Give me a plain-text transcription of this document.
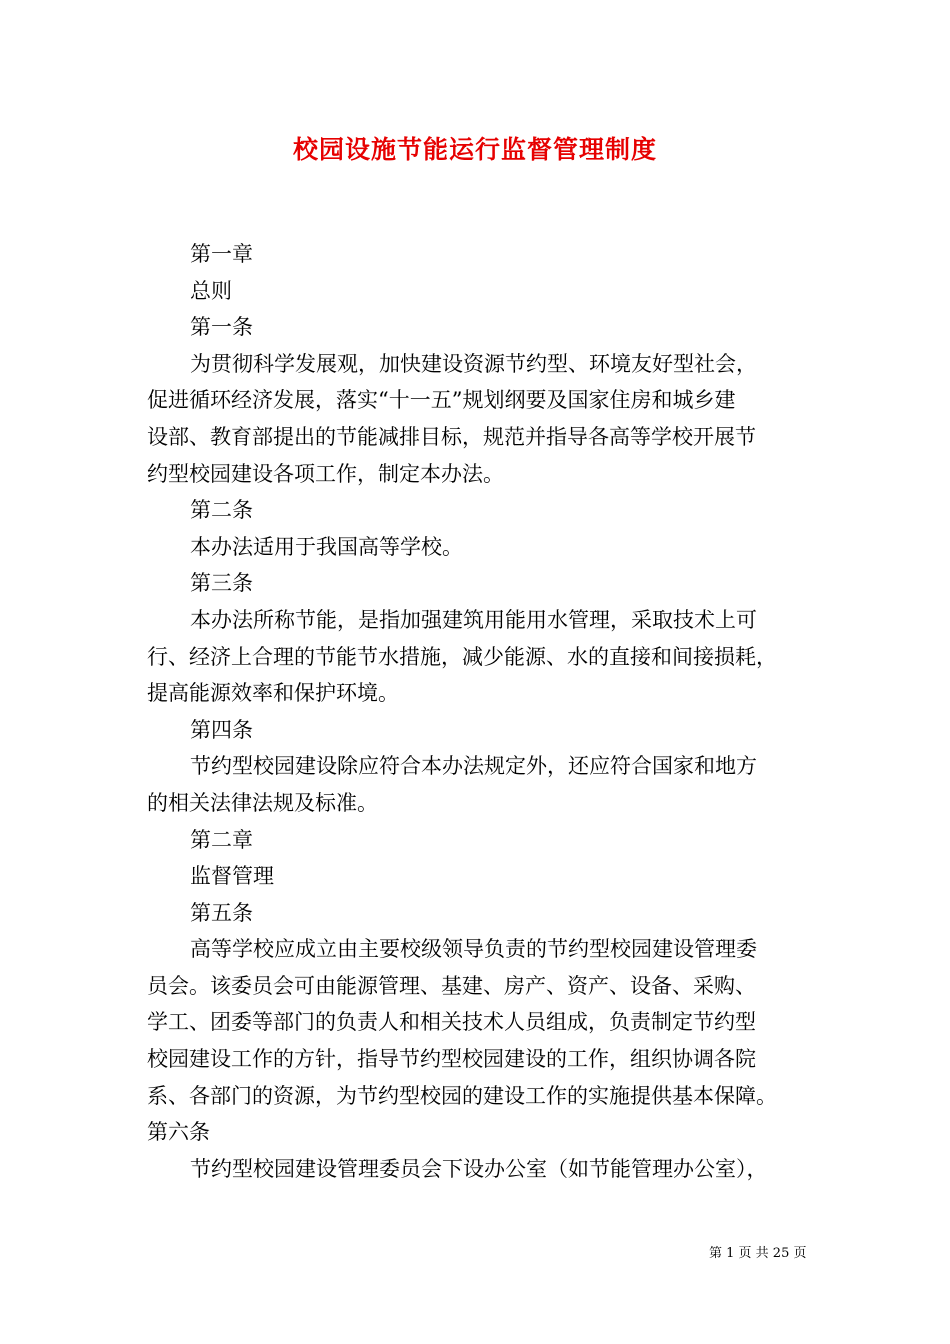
校园设施节能运行监督管理制度
第一章
总则
第一条
为贯彻科学发展观，加快建设资源节约型、环境友好型社会，
促进循环经济发展，落实“十一五”规划纲要及国家住房和城乡建
设部、教育部提出的节能减排目标，规范并指导各高等学校开展节
约型校园建设各项工作，制定本办法。
第二条
本办法适用于我国高等学校。
第三条
本办法所称节能，是指加强建筑用能用水管理，采取技术上可
行、经济上合理的节能节水措施，减少能源、水的直接和间接损耗，
提高能源效率和保护环境。
第四条
节约型校园建设除应符合本办法规定外，还应符合国家和地方
的相关法律法规及标准。
第二章
监督管理
第五条
高等学校应成立由主要校级领导负责的节约型校园建设管理委
员会。该委员会可由能源管理、基建、房产、资产、设备、采购、
学工、团委等部门的负责人和相关技术人员组成，负责制定节约型
校园建设工作的方针，指导节约型校园建设的工作，组织协调各院
系、各部门的资源，为节约型校园的建设工作的实施提供基本保障。
第六条
节约型校园建设管理委员会下设办公室（如节能管理办公室），
第 1 页 共 25 页
